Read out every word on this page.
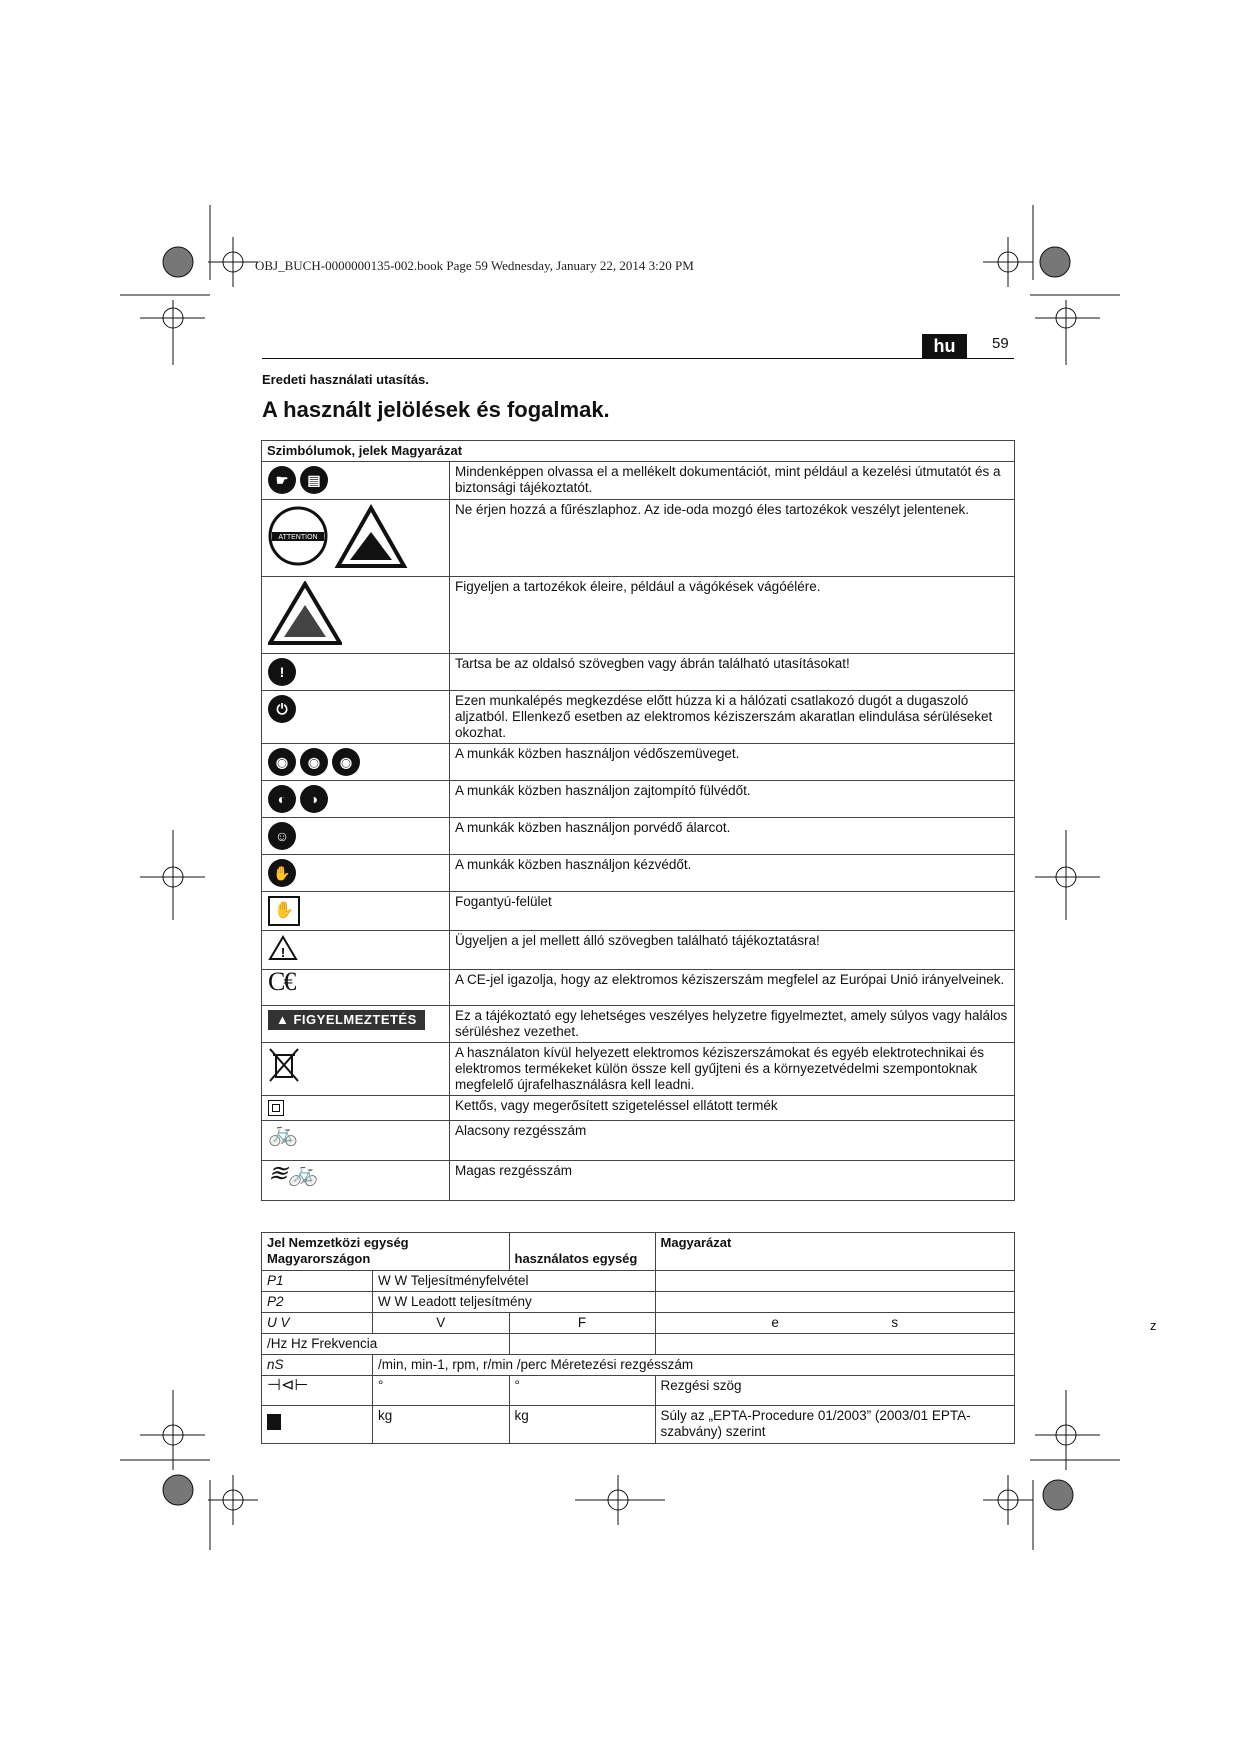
OBJ_BUCH-0000000135-002.book Page 59 Wednesday, January 22, 2014 3:20 PM
hu	59
Eredeti használati utasítás.
A használt jelölések és fogalmak.
Szimbólumok, jelek Magyarázat	
☛ ▤	Mindenképpen olvassa el a mellékelt dokumentációt, mint például a kezelési útmutatót és a biztonsági tájékoztatót.

ATTENTION	Ne érjen hozzá a fűrészlaphoz. Az ide-oda mozgó éles tartozékok veszélyt jelentenek.
	Figyeljen a tartozékok éleire, például a vágókések vágóélére.
!	Tartsa be az oldalsó szövegben vagy ábrán található utasításokat!
⏻	Ezen munkalépés megkezdése előtt húzza ki a hálózati csatlakozó dugót a dugaszoló aljzatból. Ellenkező esetben az elektromos kéziszerszám akaratlan elindulása sérüléseket okozhat.
◉ ◉ ◉	A munkák közben használjon védőszemüveget.
◐ ◑	A munkák közben használjon zajtompító fülvédőt.
☺	A munkák közben használjon porvédő álarcot.
✋	A munkák közben használjon kézvédőt.
✋	Fogantyú-felület

!	Ügyeljen a jel mellett álló szövegben található tájékoztatásra!
C€	A CE-jel igazolja, hogy az elektromos kéziszerszám megfelel az Európai Unió irányelveinek.
▲ FIGYELMEZTETÉS	Ez a tájékoztató egy lehetséges veszélyes helyzetre figyelmeztet, amely súlyos vagy halálos sérüléshez vezethet.
	A használaton kívül helyezett elektromos kéziszerszámokat és egyéb elektrotechnikai és elektromos termékeket külön össze kell gyűjteni és a környezetvédelmi szempontoknak megfelelő újrafelhasználásra kell leadni.

	Kettős, vagy megerősített szigeteléssel ellátott termék
🚲	Alacsony rezgésszám
≋🚲	Magas rezgésszám
Jel Nemzetközi egység Magyarországon		használatos egység	Magyarázat
P1	W W Teljesítményfelvétel		
P2	W W Leadott teljesítmény		
U V	V	F	e                              s
/Hz Hz Frekvencia			
nS	/min, min-1, rpm, r/min /perc Méretezési rezgésszám		
⊣⊲⊢	°	°	Rezgési szög
	kg	kg	Súly az „EPTA-Procedure 01/2003” (2003/01 EPTA-szabvány) szerint
z
